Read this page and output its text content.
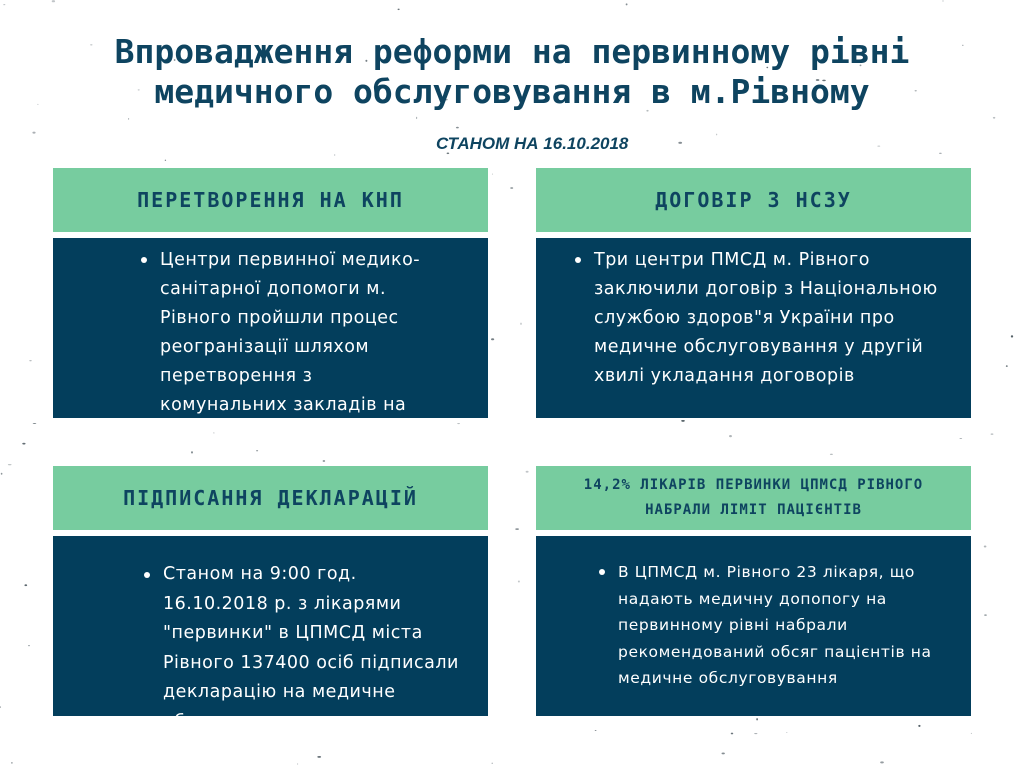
Впровадження реформи на первинному рівні
медичного обслуговування в м.Рівному
СТАНОМ НА 16.10.2018
ПЕРЕТВОРЕННЯ НА КНП
Центри первинної медико-санітарної допомоги м. Рівного пройшли процес реогранізації шляхом перетворення з комунальних закладів на комунальні некомерційні
ДОГОВІР З НСЗУ
Три центри ПМСД м. Рівного заключили договір з Національною службою здоров"я України про медичне обслуговування у другій хвилі укладання договорів
ПІДПИСАННЯ ДЕКЛАРАЦІЙ
Станом на 9:00 год. 16.10.2018 р. з лікарями "первинки" в ЦПМСД міста Рівного 137400 осіб підписали декларацію на медичне обслуговування
14,2% ЛІКАРІВ ПЕРВИНКИ ЦПМСД РІВНОГО НАБРАЛИ ЛІМІТ ПАЦІЄНТІВ
В ЦПМСД м. Рівного 23 лікаря, що надають медичну допопогу на первинному рівні набрали рекомендований обсяг пацієнтів на медичне обслуговування
